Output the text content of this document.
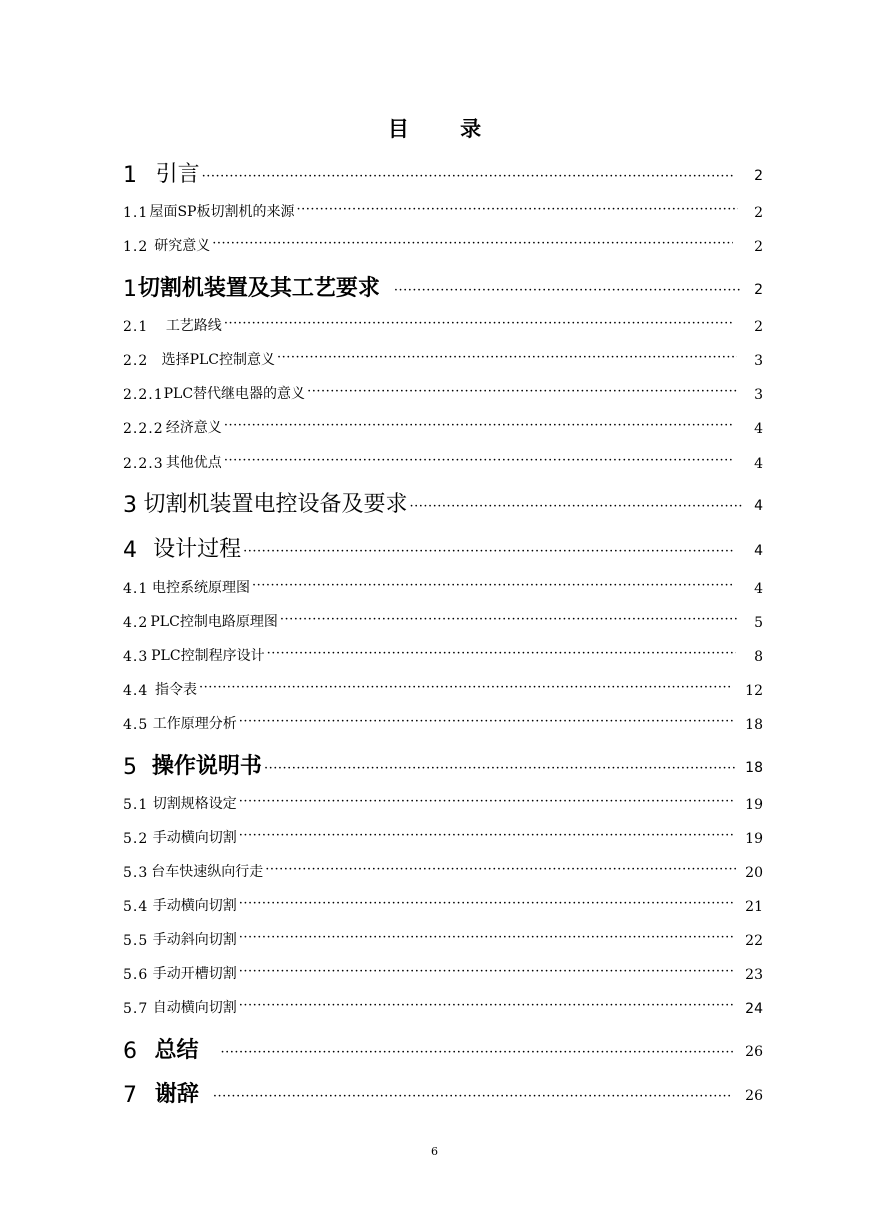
目 录
1 引言 ·····	2
1.1 屋面SP板切割机的来源 ·····	2
1.2 研究意义 ·····	2
1 切割机装置及其工艺要求 ·····	2
2.1	工艺路线 ·····	2
2.2 选择PLC控制意义 ·····	3
2.2.1 PLC替代继电器的意义 ·····	3
2.2.2 经济意义 ·····	4
2.2.3 其他优点 ·····	4
3 切割机装置电控设备及要求 ·····	4
4 设计过程 ·····	4
4.1 电控系统原理图 ·····	4
4.2 PLC控制电路原理图 ·····	5
4.3 PLC控制程序设计 ·····	8
4.4 指令表 ·····	12
4.5 工作原理分析 ·····	18
5 操作说明书 ·····	18
5.1 切割规格设定 ·····	19
5.2 手动横向切割 ·····	19
5.3 台车快速纵向行走 ·····	20
5.4 手动横向切割 ·····	21
5.5 手动斜向切割 ·····	22
5.6 手动开槽切割 ·····	23
5.7 自动横向切割 ·····	24
6 总结 ·····	26
7 谢辞 ·····	26
6
